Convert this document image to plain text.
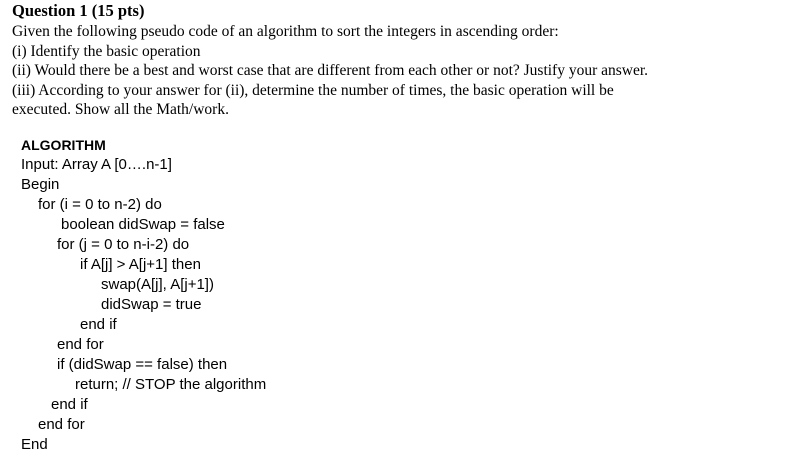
Question 1 (15 pts)
Given the following pseudo code of an algorithm to sort the integers in ascending order:
(i) Identify the basic operation
(ii) Would there be a best and worst case that are different from each other or not? Justify your answer.
(iii) According to your answer for (ii), determine the number of times, the basic operation will be
executed. Show all the Math/work.
ALGORITHM
Input: Array A [0….n-1]
Begin
for (i = 0 to n-2) do
boolean didSwap = false
for (j = 0 to n-i-2) do
if A[j] > A[j+1] then
swap(A[j], A[j+1])
didSwap = true
end if
end for
if (didSwap == false) then
return; // STOP the algorithm
end if
end for
End
